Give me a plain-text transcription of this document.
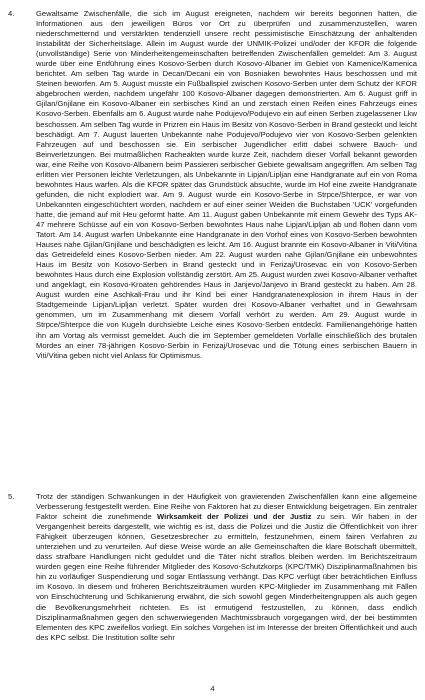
4.	Gewaltsame Zwischenfälle, die sich im August ereigneten, nachdem wir bereits begonnen hatten, die Informationen aus den jeweiligen Büros vor Ort zu überprüfen und zusammenzustellen, waren niederschmetternd und verstärkten tendenziell unsere recht pessimistische Einschätzung der anhaltenden Instabilität der Sicherheitslage. Allein im August wurde der UNMIK-Polizei und/oder der KFOR die folgende (unvollständige) Serie von Minderheitengemeinschaften betreffenden Zwischenfällen gemeldet: Am 3. August wurde über eine Entführung eines Kosovo-Serben durch Kosovo-Albaner im Gebiet von Kamenice/Kamenica berichtet. Am selben Tag wurde in Decan/Decani ein von Bosniaken bewohntes Haus beschossen und mit Steinen beworfen. Am 5. August musste ein Fußballspiel zwischen Kosovo-Serben unter dem Schutz der KFOR abgebrochen werden, nachdem ungefähr 100 Kosovo-Albaner dagegen demonstrierten. Am 6. August griff in Gjilan/Gnjilane ein Kosovo-Albaner ein serbisches Kind an und zerstach einen Reifen eines Fahrzeugs eines Kosovo-Serben. Ebenfalls am 6. August wurde nahe Podujevo/Podujevo ein auf einen Serben zugelassener Lkw beschossen. Am selben Tag wurde in Prizren ein Haus im Besitz von Kosovo-Serben in Brand gesteckt und leicht beschädigt. Am 7. August lauerten Unbekannte nahe Podujevo/Podujevo vier von Kosovo-Serben gelenkten Fahrzeugen auf und beschossen sie. Ein serbischer Jugendlicher erlitt dabei schwere Bauch- und Beinverletzungen. Bei mutmaßlichen Racheakten wurde kurze Zeit, nachdem dieser Vorfall bekannt geworden war, eine Reihe von Kosovo-Albanern beim Passieren serbischer Gebiete gewaltsam angegriffen. Am selben Tag erlitten vier Personen leichte Verletzungen, als Unbekannte in Lipjan/Lipljan eine Handgranate auf ein von Roma bewohntes Haus warfen. Als die KFOR später das Grundstück absuchte, wurde im Hof eine zweite Handgranate gefunden, die nicht explodiert war. Am 9. August wurde ein Kosovo-Serbe in Strpce/Shterpce, er war von Unbekannten eingeschüchtert worden, nachdem er auf einer seiner Weiden die Buchstaben 'UCK' vorgefunden hatte, die jemand auf mit Heu geformt hatte. Am 11. August gaben Unbekannte mit einem Gewehr des Typs AK-47 mehrere Schüsse auf ein von Kosovo-Serben bewohntes Haus nahe Lipjan/Lipljan ab und flohen dann vom Tatort. Am 14. August warfen Unbekannte eine Handgranate in den Vorhof eines von Kosovo-Serben bewohnten Hauses nahe Gjilan/Gnjilane und beschädigten es leicht. Am 16. August brannte ein Kosovo-Albaner in Viti/Vitina das Getreidefeld eines Kosovo-Serben nieder. Am 22. August wurden nahe Gjilan/Gnjilane ein unbewohntes Haus im Besitz von Kosovo-Serben in Brand gesteckt und in Ferizaj/Urosevac ein von Kosovo-Serben bewohntes Haus durch eine Explosion vollständig zerstört. Am 25. August wurden zwei Kosovo-Albaner verhaftet und angeklagt, ein Kosovo-Kroaten gehörendes Haus in Janjevo/Janjevo in Brand gesteckt zu haben. Am 28. August wurden eine Aschkali-Frau und ihr Kind bei einer Handgranatenexplosion in ihrem Haus in der Stadtgemeinde Lipjan/Lipljan verletzt. Später wurden drei Kosovo-Albaner verhaftet und in Gewahrsam genommen, um im Zusammenhang mit diesem Vorfall verhört zu werden. Am 29. August wurde in Strpce/Shterpce die von Kugeln durchsiebte Leiche eines Kosovo-Serben entdeckt. Familienangehörige hatten ihn am Vortag als vermisst gemeldet. Auch die im September gemeldeten Vorfälle einschließlich des brutalen Mordes an einer 78-jährigen Kosovo-Serbin in Ferizaj/Urosevac und die Tötung eines serbischen Bauern in Viti/Vitina geben nicht viel Anlass für Optimismus.
5.	Trotz der ständigen Schwankungen in der Häufigkeit von gravierenden Zwischenfällen kann eine allgemeine Verbesserung festgestellt werden. Eine Reihe von Faktoren hat zu dieser Entwicklung beigetragen. Ein zentraler Faktor scheint die zunehmende Wirksamkeit der Polizei und der Justiz zu sein. Wir haben in der Vergangenheit bereits dargestellt, wie wichtig es ist, dass die Polizei und die Justiz die Öffentlichkeit von ihrer Fähigkeit überzeugen können, Gesetzesbrecher zu ermitteln, festzunehmen, einem fairen Verfahren zu unterziehen und zu verurteilen. Auf diese Weise würde an alle Gemeinschaften die klare Botschaft übermittelt, dass strafbare Handlungen nicht geduldet und die Täter nicht straflos bleiben werden. Im Berichtszeitraum wurden gegen eine Reihe führender Mitglieder des Kosovo-Schutzkorps (KPC/TMK) Disziplinarmaßnahmen bis hin zu vorläufiger Suspendierung und sogar Entlassung verhängt. Das KPC verfügt über beträchtlichen Einfluss im Kosovo. In diesem und früheren Berichtszeiträumen wurden KPC-Mitglieder im Zusammenhang mit Fällen von Einschüchterung und Schikanierung erwähnt, die sich sowohl gegen Minderheitengruppen als auch gegen die Bevölkerungsmehrheit richteten. Es ist ermutigend festzustellen, zu können, dass endlich Disziplinarmaßnahmen gegen den schwerwiegenden Machtmissbrauch vorgegangen wird, der bei bestimmten Elementen des KPC zweifellos vorliegt. Ein solches Vorgehen ist im Interesse der breiten Öffentlichkeit und auch des KPC selbst. Die Institution sollte sehr
4
